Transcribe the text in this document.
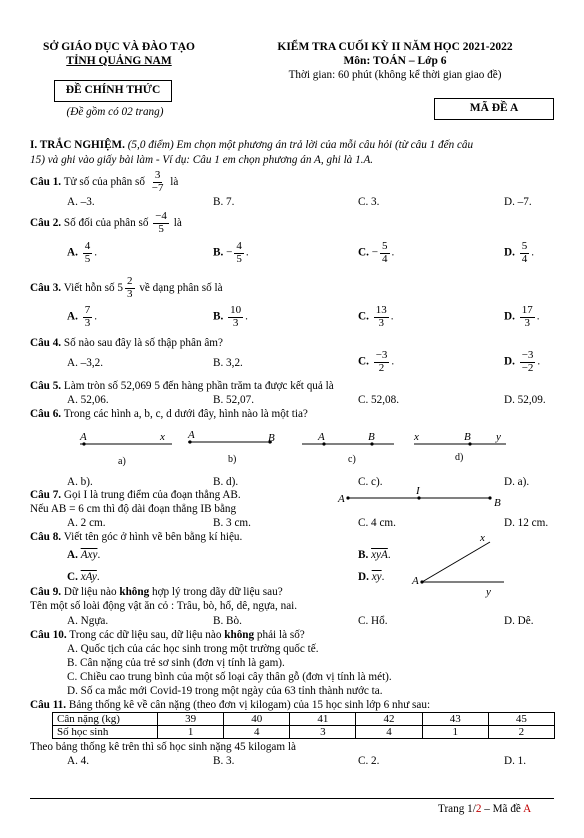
SỞ GIÁO DỤC VÀ ĐÀO TẠO
TỈNH QUẢNG NAM
ĐỀ CHÍNH THỨC
(Đề gồm có 02 trang)
KIỂM TRA CUỐI KỲ II NĂM HỌC 2021-2022
Môn: TOÁN – Lớp 6
Thời gian: 60 phút (không kể thời gian giao đề)
MÃ ĐỀ A
I. TRẮC NGHIỆM. (5,0 điểm) Em chọn một phương án trả lời của mỗi câu hỏi (từ câu 1 đến câu
15) và ghi vào giấy bài làm - Ví dụ: Câu 1 em chọn phương án A, ghi là 1.A.
Câu 1. Tử số của phân số $\frac{3}{-7}$ là
A. –3.	B. 7.	C. 3.	D. –7.
Câu 2. Số đối của phân số $\frac{-4}{5}$ là
A. $\frac{4}{5}$ .	B. − $\frac{4}{5}$ .	C. − $\frac{5}{4}$ .	D. $\frac{5}{4}$ .
Câu 3. Viết hỗn số $5 \frac{2}{3}$ về dạng phân số là
A. $\frac{7}{3}$ .	B. $\frac{10}{3}$ .	C. $\frac{13}{3}$ .	D. $\frac{17}{3}$ .
Câu 4. Số nào sau đây là số thập phân âm?
A. –3,2.	B. 3,2.	C. $\frac{-3}{2}$ .	D. $\frac{-3}{-2}$ .
Câu 5. Làm tròn số 52,069 5 đến hàng phần trăm ta được kết quả là
A. 52,06.	B. 52,07.	C. 52,08.	D. 52,09.
Câu 6. Trong các hình a, b, c, d dưới đây, hình nào là một tia?
A	x
a)
A	B
b)
A	B
c)
x	B y
d)
A. b).	B. d).	C. c).	D. a).
Câu 7. Gọi I là trung điểm của đoạn thẳng AB.
Nếu AB = 6 cm thì độ dài đoạn thẳng IB bằng
A
I
B
A. 2 cm.	B. 3 cm.	C. 4 cm.	D. 12 cm.
Câu 8. Viết tên góc ở hình vẽ bên bằng kí hiệu.
A. $\overline{Axy}$.	B. $\overline{xyA}$.
C. $\overline{xAy}$.	D. $\overline{xy}$.
x
A
y
Câu 9. Dữ liệu nào không hợp lý trong dãy dữ liệu sau?
Tên một số loài động vật ăn cỏ : Trâu, bò, hổ, dê, ngựa, nai.
A. Ngựa.	B. Bò.	C. Hổ.	D. Dê.
Câu 10. Trong các dữ liệu sau, dữ liệu nào không phải là số?
A. Quốc tịch của các học sinh trong một trường quốc tế.
B. Cân nặng của trẻ sơ sinh (đơn vị tính là gam).
C. Chiều cao trung bình của một số loại cây thân gỗ (đơn vị tính là mét).
D. Số ca mắc mới Covid-19 trong một ngày của 63 tỉnh thành nước ta.
Câu 11. Bảng thống kê về cân nặng (theo đơn vị kilogam) của 15 học sinh lớp 6 như sau:
Cân nặng (kg)	39	40	41	42	43	45
Số học sinh	1	4	3	4	1	2
Theo bảng thống kê trên thì số học sinh nặng 45 kilogam là
A. 4.	B. 3.	C. 2.	D. 1.
Trang 1/2 – Mã đề A
